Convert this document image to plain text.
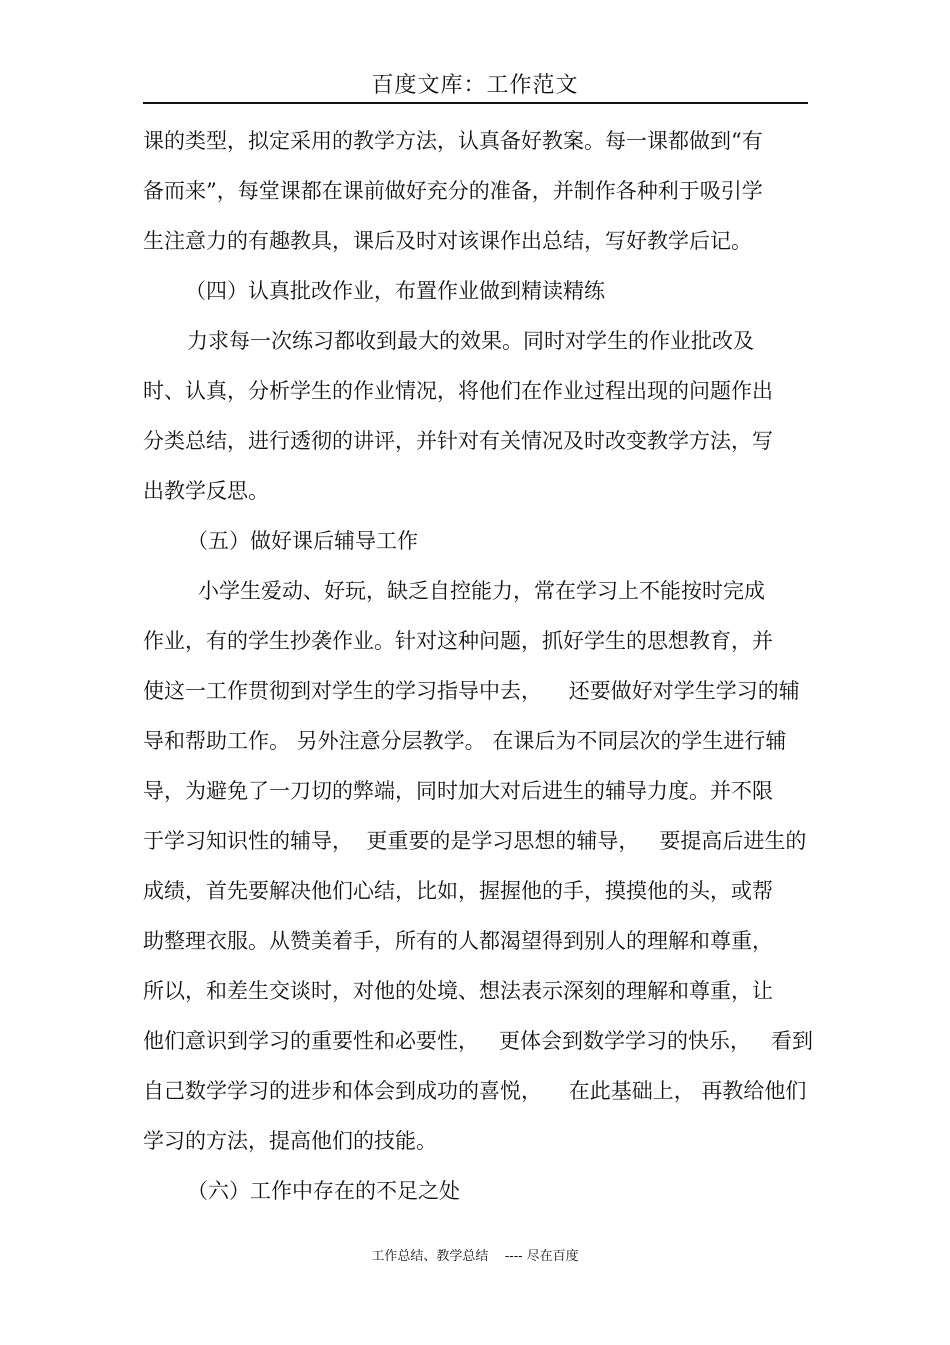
百度文库：工作范文
课的类型，拟定采用的教学方法，认真备好教案。每一课都做到“有
备而来”，每堂课都在课前做好充分的准备，并制作各种利于吸引学
生注意力的有趣教具，课后及时对该课作出总结，写好教学后记。
（四）认真批改作业，布置作业做到精读精练
力求每一次练习都收到最大的效果。同时对学生的作业批改及
时、认真，分析学生的作业情况，将他们在作业过程出现的问题作出
分类总结，进行透彻的讲评，并针对有关情况及时改变教学方法，写
出教学反思。
（五）做好课后辅导工作
小学生爱动、好玩，缺乏自控能力，常在学习上不能按时完成
作业，有的学生抄袭作业。针对这种问题，抓好学生的思想教育，并
使这一工作贯彻到对学生的学习指导中去，    还要做好对学生学习的辅
导和帮助工作。 另外注意分层教学。 在课后为不同层次的学生进行辅
导，为避免了一刀切的弊端，同时加大对后进生的辅导力度。并不限
于学习知识性的辅导，  更重要的是学习思想的辅导，   要提高后进生的
成绩，首先要解决他们心结，比如，握握他的手，摸摸他的头，或帮
助整理衣服。从赞美着手，所有的人都渴望得到别人的理解和尊重，
所以，和差生交谈时，对他的处境、想法表示深刻的理解和尊重，让
他们意识到学习的重要性和必要性，   更体会到数学学习的快乐，   看到
自己数学学习的进步和体会到成功的喜悦，    在此基础上， 再教给他们
学习的方法，提高他们的技能。
（六）工作中存在的不足之处
工作总结、教学总结    ---- 尽在百度
